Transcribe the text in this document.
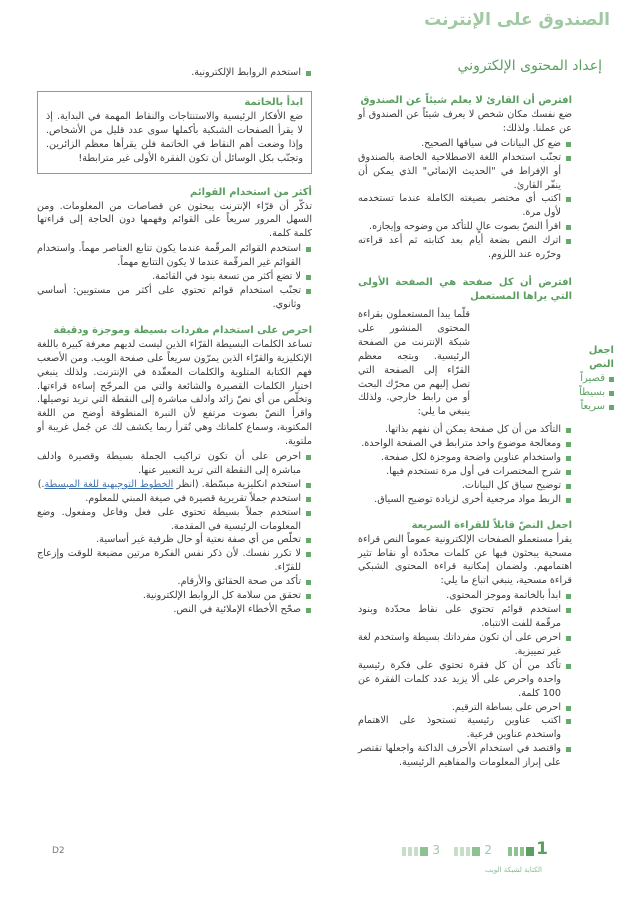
الصندوق على الإنترنت
إعداد المحتوى الإلكتروني
افترض أن القارئ لا يعلم شيئاً عن الصندوق

ضع نفسك مكان شخص لا يعرف شيئاً عن الصندوق أو عن عملنا. ولذلك:

ضع كل البيانات في سياقها الصحيح.
تجنّب استخدام اللغة الاصطلاحية الخاصة بالصندوق أو الإفراط في "الحديث الإنمائي" الذي يمكن أن ينفّر القارئ.
اكتب أي مختصر بصيغته الكاملة عندما تستخدمه لأول مرة.
اقرأ النصّ بصوت عالٍ للتأكد من وضوحه وإيجازه.
اترك النص بضعة أيام بعد كتابته ثم أعد قراءته وحرّره عند اللزوم.
افترض أن كل صفحة هي الصفحة الأولى التي يراها المستعمل

قلّما يبدأ المستعملون بقراءة المحتوى المنشور على شبكة الإنترنت من الصفحة الرئيسية. ويتجه معظم القرّاء إلى الصفحة التي تصل إليهم من محرّك البحث أو من رابط خارجي. ولذلك ينبغي ما يلي:

التأكد من أن كل صفحة يمكن أن نفهم بذاتها.
ومعالجة موضوع واحد مترابط في الصفحة الواحدة.
واستخدام عناوين واضحة وموجزة لكل صفحة.
شرح المختصرات في أول مرة تستخدم فيها.
توضيح سياق كل البيانات.
الربط مواد مرجعية أخرى لزيادة توضيح السياق.
اجعل النصّ قابلاً للقراءة السريعة

يقرأ مستعملو الصفحات الإلكترونية عموماً النص قراءة مسحية يبحثون فيها عن كلمات محدّدة أو نقاط تثير اهتمامهم. ولضمان إمكانية قراءة المحتوى الشبكي قراءة مسحية، ينبغي اتباع ما يلي:

ابدأ بالخاتمة وموجز المحتوى.
استخدم قوائم تحتوي على نقاط محدّدة وبنود مرقّمة للفت الانتباه.
احرص على أن تكون مفرداتك بسيطة واستخدم لغة غير تمييزية.
تأكد من أن كل فقرة تحتوي على فكرة رئيسية واحدة واحرص على ألا يزيد عدد كلمات الفقرة عن 100 كلمة.
احرص على بساطة الترقيم.
اكتب عناوين رئيسية تستحوذ على الاهتمام واستخدم عناوين فرعية.
واقتصد في استخدام الأحرف الداكنة واجعلها تقتصر على إبراز المعلومات والمفاهيم الرئيسية.
اجعل النص
قصيراً
بسيطاً
سريعاً
استخدم الروابط الإلكترونية.
ابدأ بالخاتمة

ضع الأفكار الرئيسية والاستنتاجات والنقاط المهمة في البداية. إذ لا يقرأ الصفحات الشبكية بأكملها سوى عدد قليل من الأشخاص. وإذا وضعت أهم النقاط في الخاتمة فلن يقرأها معظم الزائرين. وتجنّب بكل الوسائل أن تكون الفقرة الأولى غير مترابطة!

أكثر من استخدام القوائم

تذكّر أن قرّاء الإنترنت يبحثون عن قصاصات من المعلومات. ومن السهل المرور سريعاً على القوائم وفهمها دون الحاجة إلى قراءتها كلمة كلمة.

استخدم القوائم المرقّمة عندما يكون تتابع العناصر مهماً. واستخدام القوائم غير المرقّمة عندما لا يكون التتابع مهماً.
لا تضع أكثر من تسعة بنود في القائمة.
تجنّب استخدام قوائم تحتوي على أكثر من مستويين: أساسي وثانوي.
احرص على استخدام مفردات بسيطة وموجزة ودقيقة

تساعد الكلمات البسيطة القرّاء الذين ليست لديهم معرفة كبيرة باللغة الإنكليزية والقرّاء الذين يمرّون سريعاً على صفحة الويب. ومن الأصعب فهم الكتابة المتلوية والكلمات المعقّدة في الإنترنت. ولذلك ينبغي اختيار الكلمات القصيرة والشائعة والتي من المرجّح إساءة قراءتها. وتخلّص من أي نصّ زائد وادلف مباشرة إلى النقطة التي تريد توصيلها. واقرأ النصّ بصوت مرتفع لأن النبرة المنطوقة أوضح من اللغة المكتوبة، وسماع كلماتك وهي تُقرأ ربما يكشف لك عن جُمل غريبة أو ملتوية.

احرص على أن تكون تراكيب الجملة بسيطة وقصيرة وادلف مباشرة إلى النقطة التي تريد التعبير عنها.
استخدم انكليزية مبسّطة. (انظر الخطوط التوجيهية للغة المبسطة.)
استخدم جملاً تقريرية قصيرة في صيغة المبني للمعلوم.
استخدم جملاً بسيطة تحتوي على فعل وفاعل ومفعول. وضع المعلومات الرئيسية في المقدمة.
تخلّص من أي صفة نعتية أو حال ظرفية غير أساسية.
لا تكرر نفسك. لأن ذكر نفس الفكرة مرتين مضيعة للوقت وإزعاج للقرّاء.
تأكد من صحة الحقائق والأرقام.
تحقق من سلامة كل الروابط الإلكترونية.
صحّح الأخطاء الإملائية في النص.
1
2
3
الكتابة لشبكة الويب
D2
